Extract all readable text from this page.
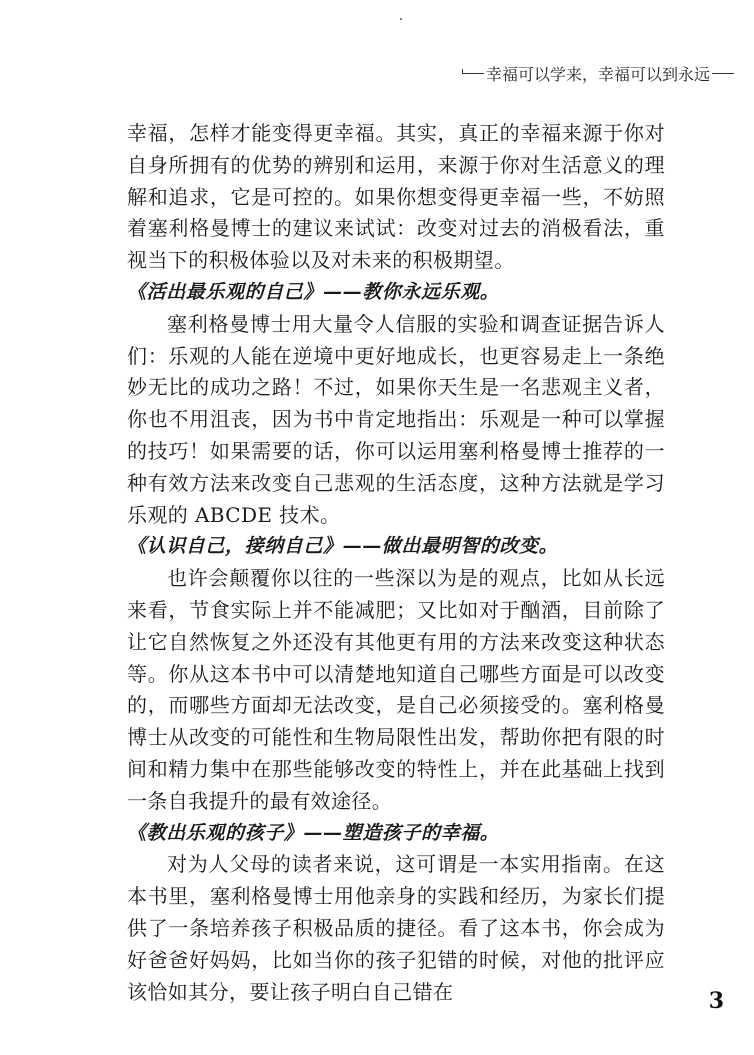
幸福可以学来，幸福可以到永远

幸福，怎样才能变得更幸福。其实，真正的幸福来源于你对自身所拥有的优势的辨别和运用，来源于你对生活意义的理解和追求，它是可控的。如果你想变得更幸福一些，不妨照着塞利格曼博士的建议来试试：改变对过去的消极看法，重视当下的积极体验以及对未来的积极期望。

《活出最乐观的自己》——教你永远乐观。

塞利格曼博士用大量令人信服的实验和调查证据告诉人们：乐观的人能在逆境中更好地成长，也更容易走上一条绝妙无比的成功之路！不过，如果你天生是一名悲观主义者，你也不用沮丧，因为书中肯定地指出：乐观是一种可以掌握的技巧！如果需要的话，你可以运用塞利格曼博士推荐的一种有效方法来改变自己悲观的生活态度，这种方法就是学习乐观的 ABCDE 技术。

《认识自己，接纳自己》——做出最明智的改变。

也许会颠覆你以往的一些深以为是的观点，比如从长远来看，节食实际上并不能减肥；又比如对于酗酒，目前除了让它自然恢复之外还没有其他更有用的方法来改变这种状态等。你从这本书中可以清楚地知道自己哪些方面是可以改变的，而哪些方面却无法改变，是自己必须接受的。塞利格曼博士从改变的可能性和生物局限性出发，帮助你把有限的时间和精力集中在那些能够改变的特性上，并在此基础上找到一条自我提升的最有效途径。

《教出乐观的孩子》——塑造孩子的幸福。

对为人父母的读者来说，这可谓是一本实用指南。在这本书里，塞利格曼博士用他亲身的实践和经历，为家长们提供了一条培养孩子积极品质的捷径。看了这本书，你会成为好爸爸好妈妈，比如当你的孩子犯错的时候，对他的批评应该恰如其分，要让孩子明白自己错在	3
